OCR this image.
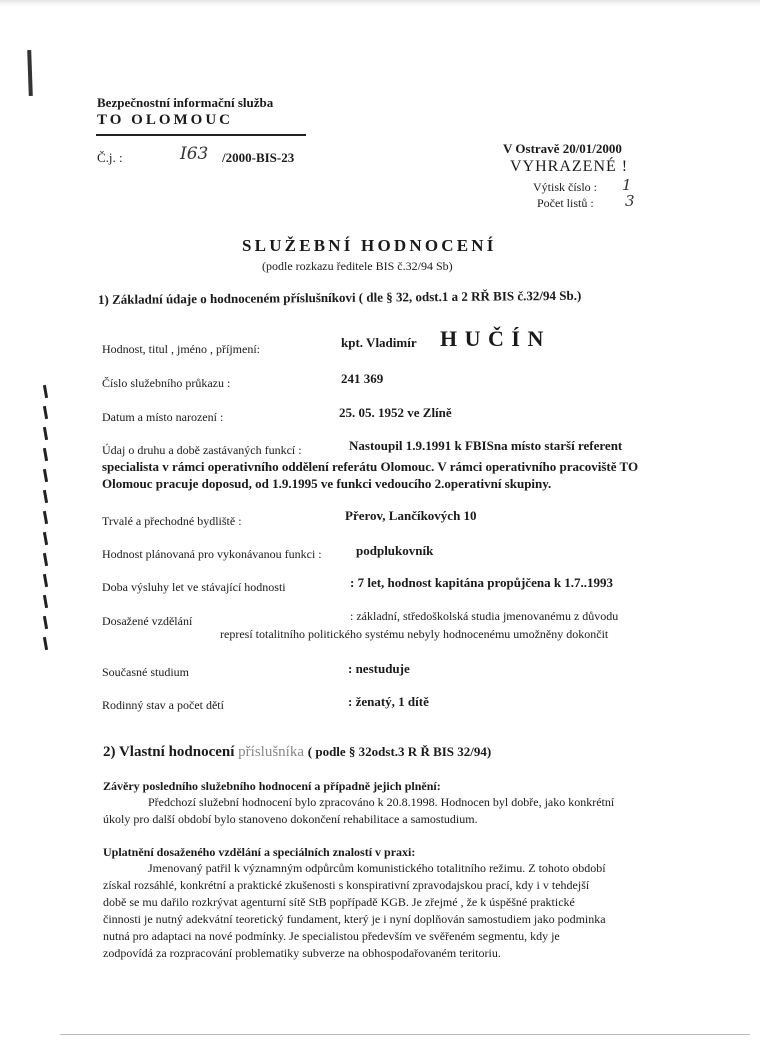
Bezpečnostní informační služba
TO OLOMOUC
Č.j. :	I63 /2000-BIS-23
V Ostravě 20/01/2000
VYHRAZENÉ !
Výtisk číslo : 1
Počet listů : 3
SLUŽEBNÍ HODNOCENÍ
(podle rozkazu ředitele BIS č.32/94 Sb)
1) Základní údaje o hodnoceném příslušníkovi ( dle § 32, odst.1 a 2 RŘ BIS č.32/94 Sb.)
Hodnost, titul , jméno , příjmení:	kpt. Vladimír H U Č Í N
Číslo služebního průkazu :	241 369
Datum a místo narození :	25. 05. 1952 ve Zlíně
Údaj o druhu a době zastávaných funkcí :	Nastoupil 1.9.1991 k FBISna místo starší referent
specialista v rámci operativního oddělení referátu Olomouc. V rámci operativního pracoviště TO
Olomouc pracuje doposud, od 1.9.1995 ve funkci vedoucího 2.operativní skupiny.
Trvalé a přechodné bydliště :	Přerov, Lančíkových 10
Hodnost plánovaná pro vykonávanou funkci :	podplukovník
Doba výsluhy let ve stávající hodnosti	: 7 let, hodnost kapitána propůjčena k 1.7..1993
Dosažené vzdělání	: základní, středoškolská studia jmenovanému z důvodu
represí totalitního politického systému nebyly hodnocenému umožněny dokončit
Současné studium	: nestuduje
Rodinný stav a počet dětí	: ženatý, 1 dítě
2) Vlastní hodnocení příslušníka ( podle § 32odst.3 R Ř BIS 32/94)
Závěry posledního služebního hodnocení a případně jejich plnění:
Předchozí služební hodnocení bylo zpracováno k 20.8.1998. Hodnocen byl dobře, jako konkrétní
úkoly pro další období bylo stanoveno dokončení rehabilitace a samostudium.
Uplatnění dosaženého vzdělání a speciálních znalostí v praxi:
Jmenovaný patřil k významným odpůrcům komunistického totalitního režimu. Z tohoto období
získal rozsáhlé, konkrétní a praktické zkušenosti s konspirativní zpravodajskou prací, kdy i v tehdejší
době se mu dařilo rozkrývat agenturní sítě StB popřípadě KGB. Je zřejmé , že k úspěšné praktické
činnosti je nutný adekvátní teoretický fundament, který je i nyní doplňován samostudiem jako podminka
nutná pro adaptaci na nové podmínky. Je specialistou především ve svěřeném segmentu, kdy je
zodpovídá za rozpracování problematiky subverze na obhospodařovaném teritoriu.
